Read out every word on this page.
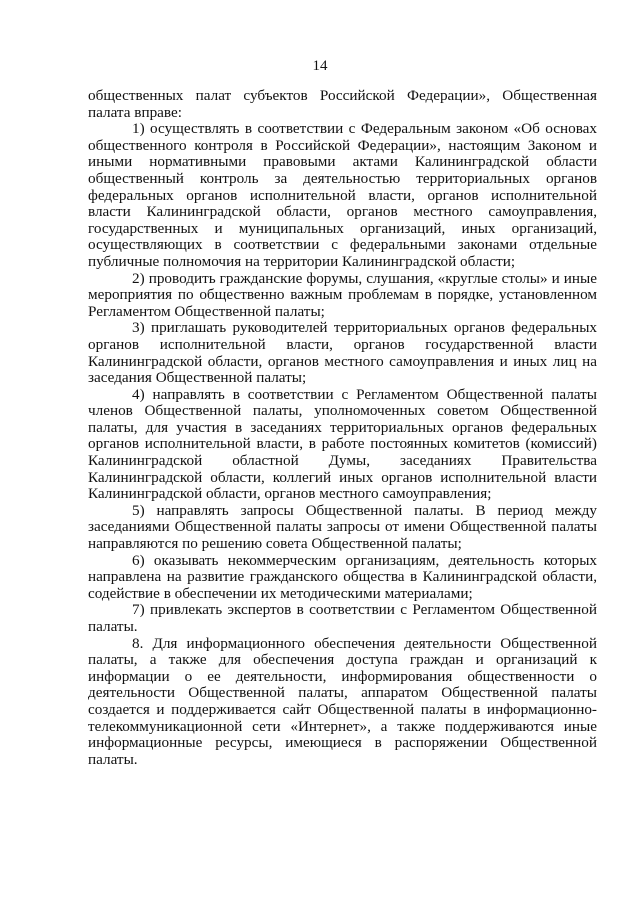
14

общественных палат субъектов Российской Федерации», Общественная палата вправе:

1) осуществлять в соответствии с Федеральным законом «Об основах общественного контроля в Российской Федерации», настоящим Законом и иными нормативными правовыми актами Калининградской области общественный контроль за деятельностью территориальных органов федеральных органов исполнительной власти, органов исполнительной власти Калининградской области, органов местного самоуправления, государственных и муниципальных организаций, иных организаций, осуществляющих в соответствии с федеральными законами отдельные публичные полномочия на территории Калининградской области;

2) проводить гражданские форумы, слушания, «круглые столы» и иные мероприятия по общественно важным проблемам в порядке, установленном Регламентом Общественной палаты;

3) приглашать руководителей территориальных органов федеральных органов исполнительной власти, органов государственной власти Калининградской области, органов местного самоуправления и иных лиц на заседания Общественной палаты;

4) направлять в соответствии с Регламентом Общественной палаты членов Общественной палаты, уполномоченных советом Общественной палаты, для участия в заседаниях территориальных органов федеральных органов исполнительной власти, в работе постоянных комитетов (комиссий) Калининградской областной Думы, заседаниях Правительства Калининградской области, коллегий иных органов исполнительной власти Калининградской области, органов местного самоуправления;

5) направлять запросы Общественной палаты. В период между заседаниями Общественной палаты запросы от имени Общественной палаты направляются по решению совета Общественной палаты;

6) оказывать некоммерческим организациям, деятельность которых направлена на развитие гражданского общества в Калининградской области, содействие в обеспечении их методическими материалами;

7) привлекать экспертов в соответствии с Регламентом Общественной палаты.

8. Для информационного обеспечения деятельности Общественной палаты, а также для обеспечения доступа граждан и организаций к информации о ее деятельности, информирования общественности о деятельности Общественной палаты, аппаратом Общественной палаты создается и поддерживается сайт Общественной палаты в информационно-телекоммуникационной сети «Интернет», а также поддерживаются иные информационные ресурсы, имеющиеся в распоряжении Общественной палаты.
